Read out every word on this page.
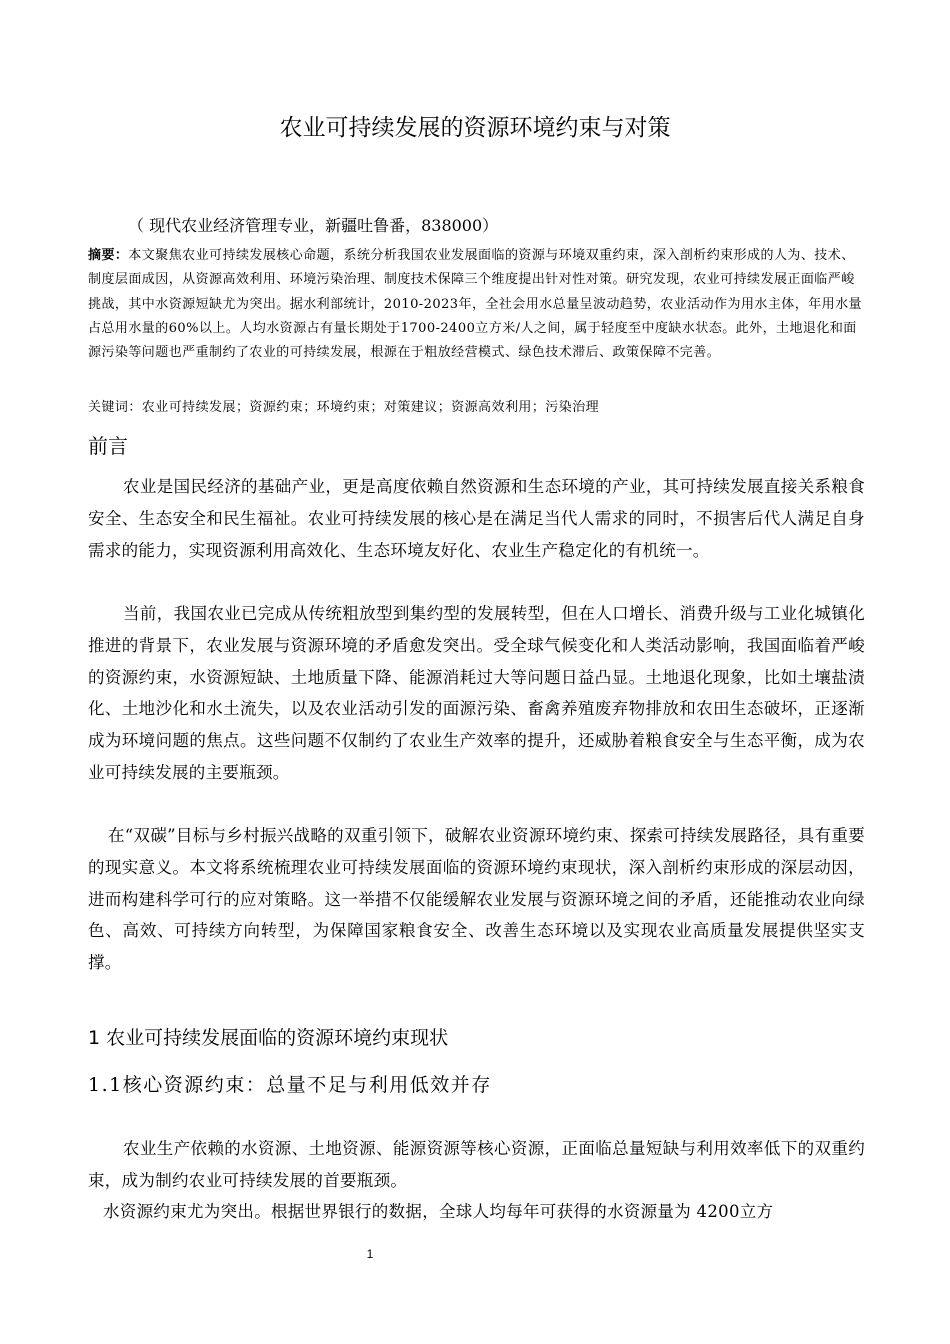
农业可持续发展的资源环境约束与对策
（ 现代农业经济管理专业，新疆吐鲁番，838000）
摘要：本文聚焦农业可持续发展核心命题，系统分析我国农业发展面临的资源与环境双重约束，深入剖析约束形成的人为、技术、制度层面成因，从资源高效利用、环境污染治理、制度技术保障三个维度提出针对性对策。研究发现，农业可持续发展正面临严峻挑战，其中水资源短缺尤为突出。据水利部统计，2010-2023年，全社会用水总量呈波动趋势，农业活动作为用水主体，年用水量占总用水量的60%以上。人均水资源占有量长期处于1700-2400立方米/人之间，属于轻度至中度缺水状态。此外，土地退化和面源污染等问题也严重制约了农业的可持续发展，根源在于粗放经营模式、绿色技术滞后、政策保障不完善。
关键词：农业可持续发展；资源约束；环境约束；对策建议；资源高效利用；污染治理
前言
农业是国民经济的基础产业，更是高度依赖自然资源和生态环境的产业，其可持续发展直接关系粮食安全、生态安全和民生福祉。农业可持续发展的核心是在满足当代人需求的同时，不损害后代人满足自身需求的能力，实现资源利用高效化、生态环境友好化、农业生产稳定化的有机统一。
当前，我国农业已完成从传统粗放型到集约型的发展转型，但在人口增长、消费升级与工业化城镇化推进的背景下，农业发展与资源环境的矛盾愈发突出。受全球气候变化和人类活动影响，我国面临着严峻的资源约束，水资源短缺、土地质量下降、能源消耗过大等问题日益凸显。土地退化现象，比如土壤盐渍化、土地沙化和水土流失，以及农业活动引发的面源污染、畜禽养殖废弃物排放和农田生态破坏，正逐渐成为环境问题的焦点。这些问题不仅制约了农业生产效率的提升，还威胁着粮食安全与生态平衡，成为农业可持续发展的主要瓶颈。
在“双碳”目标与乡村振兴战略的双重引领下，破解农业资源环境约束、探索可持续发展路径，具有重要的现实意义。本文将系统梳理农业可持续发展面临的资源环境约束现状，深入剖析约束形成的深层动因，进而构建科学可行的应对策略。这一举措不仅能缓解农业发展与资源环境之间的矛盾，还能推动农业向绿色、高效、可持续方向转型，为保障国家粮食安全、改善生态环境以及实现农业高质量发展提供坚实支撑。
1 农业可持续发展面临的资源环境约束现状
1.1核心资源约束：总量不足与利用低效并存
农业生产依赖的水资源、土地资源、能源资源等核心资源，正面临总量短缺与利用效率低下的双重约束，成为制约农业可持续发展的首要瓶颈。
水资源约束尤为突出。根据世界银行的数据，全球人均每年可获得的水资源量为 4200立方
1
